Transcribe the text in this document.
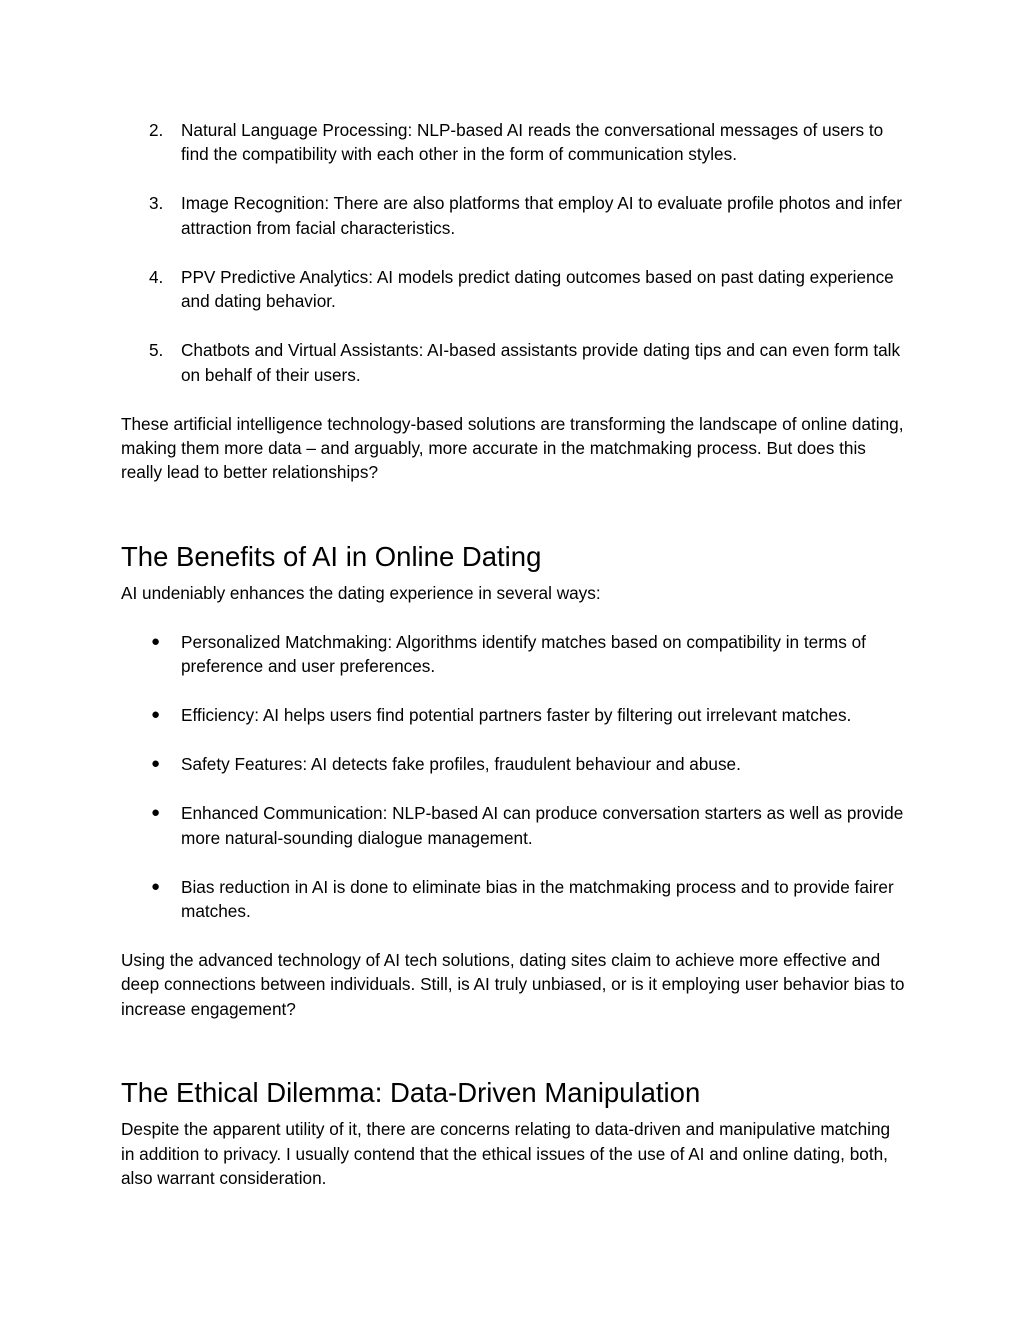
2.	Natural Language Processing: NLP-based AI reads the conversational messages of users to find the compatibility with each other in the form of communication styles.
3.	Image Recognition: There are also platforms that employ AI to evaluate profile photos and infer attraction from facial characteristics.
4.	PPV Predictive Analytics: AI models predict dating outcomes based on past dating experience and dating behavior.
5.	Chatbots and Virtual Assistants: AI-based assistants provide dating tips and can even form talk on behalf of their users.

These artificial intelligence technology-based solutions are transforming the landscape of online dating, making them more data – and arguably, more accurate in the matchmaking process. But does this really lead to better relationships?

The Benefits of AI in Online Dating

AI undeniably enhances the dating experience in several ways:

● Personalized Matchmaking: Algorithms identify matches based on compatibility in terms of preference and user preferences.
● Efficiency: AI helps users find potential partners faster by filtering out irrelevant matches.
● Safety Features: AI detects fake profiles, fraudulent behaviour and abuse.
● Enhanced Communication: NLP-based AI can produce conversation starters as well as provide more natural-sounding dialogue management.
● Bias reduction in AI is done to eliminate bias in the matchmaking process and to provide fairer matches.

Using the advanced technology of AI tech solutions, dating sites claim to achieve more effective and deep connections between individuals. Still, is AI truly unbiased, or is it employing user behavior bias to increase engagement?

The Ethical Dilemma: Data-Driven Manipulation

Despite the apparent utility of it, there are concerns relating to data-driven and manipulative matching in addition to privacy. I usually contend that the ethical issues of the use of AI and online dating, both, also warrant consideration.
